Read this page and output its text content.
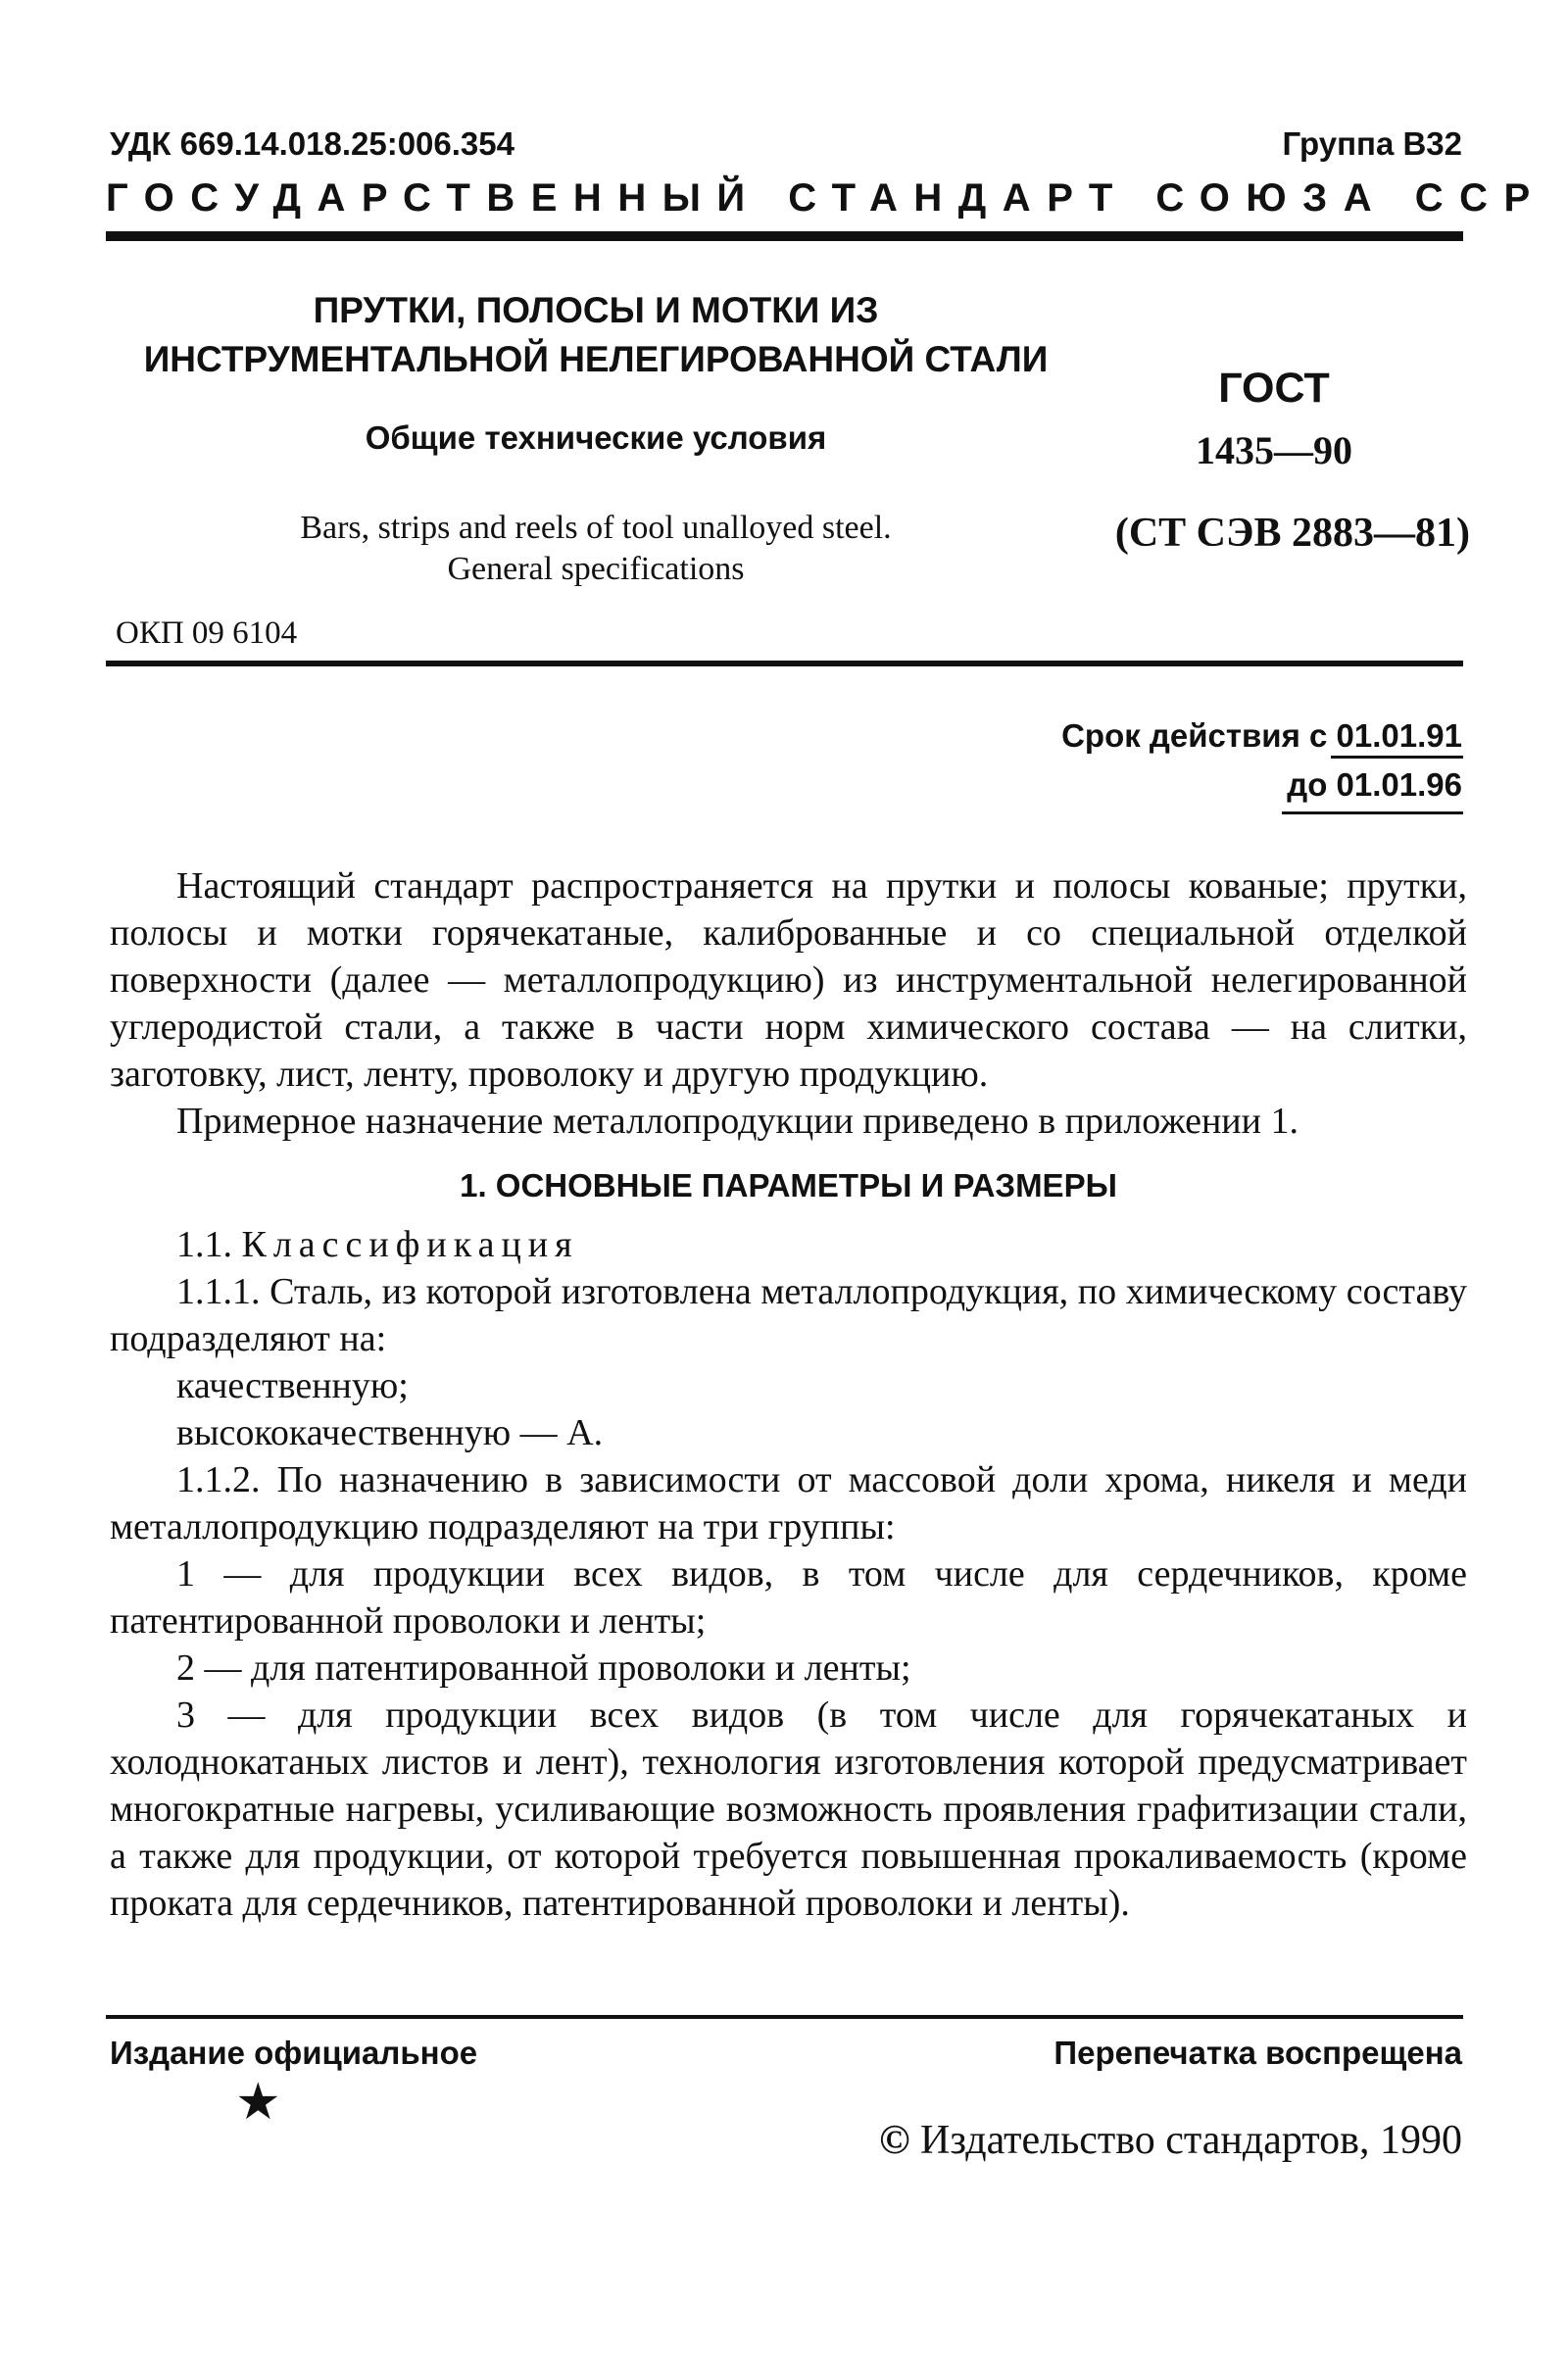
УДК 669.14.018.25:006.354	Группа В32
ГОСУДАРСТВЕННЫЙ СТАНДАРТ СОЮЗА ССР
ПРУТКИ, ПОЛОСЫ И МОТКИ ИЗ
ИНСТРУМЕНТАЛЬНОЙ НЕЛЕГИРОВАННОЙ СТАЛИ
Общие технические условия
Bars, strips and reels of tool unalloyed steel.
General specifications
ОКП 09 6104
ГОСТ
1435—90
(СТ СЭВ 2883—81)
Срок действия с 01.01.91
до 01.01.96

Настоящий стандарт распространяется на прутки и полосы кованые; прутки, полосы и мотки горячекатаные, калиброванные и со специальной отделкой поверхности (далее — металлопродукцию) из инструментальной нелегированной углеродистой стали, а также в части норм химического состава — на слитки, заготовку, лист, ленту, проволоку и другую продукцию.

Примерное назначение металлопродукции приведено в приложении 1.

1. ОСНОВНЫЕ ПАРАМЕТРЫ И РАЗМЕРЫ

1.1. Классификация

1.1.1. Сталь, из которой изготовлена металлопродукция, по химическому составу подразделяют на:

качественную;

высококачественную — А.

1.1.2. По назначению в зависимости от массовой доли хрома, никеля и меди металлопродукцию подразделяют на три группы:

1 — для продукции всех видов, в том числе для сердечников, кроме патентированной проволоки и ленты;

2 — для патентированной проволоки и ленты;

3 — для продукции всех видов (в том числе для горячекатаных и холоднокатаных листов и лент), технология изготовления которой предусматривает многократные нагревы, усиливающие возможность проявления графитизации стали, а также для продукции, от которой требуется повышенная прокаливаемость (кроме проката для сердечников, патентированной проволоки и ленты).

Издание официальное	Перепечатка воспрещена
★
© Издательство стандартов, 1990
